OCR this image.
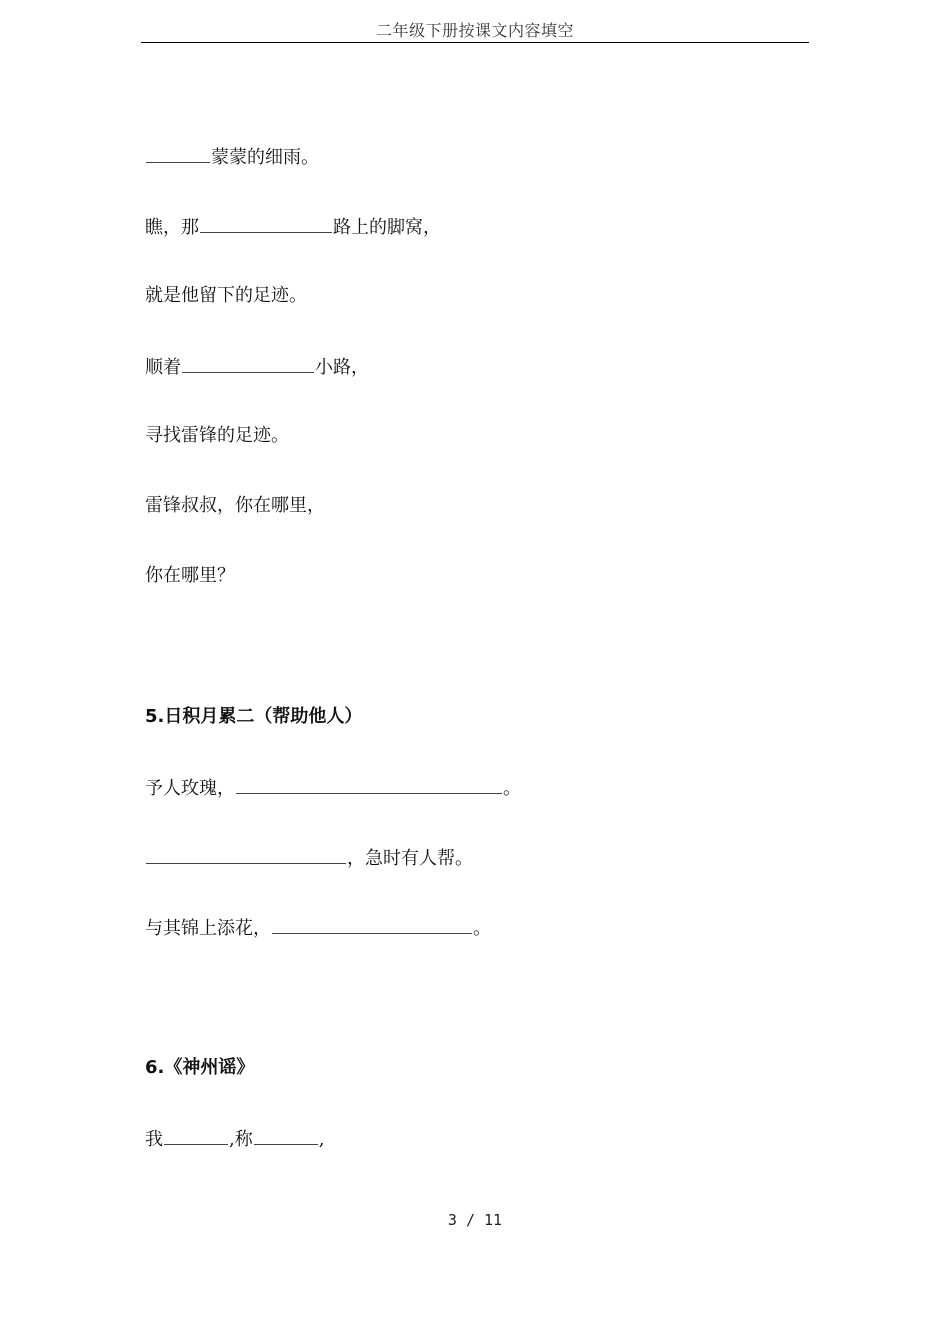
二年级下册按课文内容填空
蒙蒙的细雨。
瞧，那	路上的脚窝，
就是他留下的足迹。
顺着	小路，
寻找雷锋的足迹。
雷锋叔叔，你在哪里，
你在哪里？
5.日积月累二（帮助他人）
予人玫瑰，	。
，急时有人帮。
与其锦上添花，	。
6.《神州谣》
我	,称	,
3 / 11
